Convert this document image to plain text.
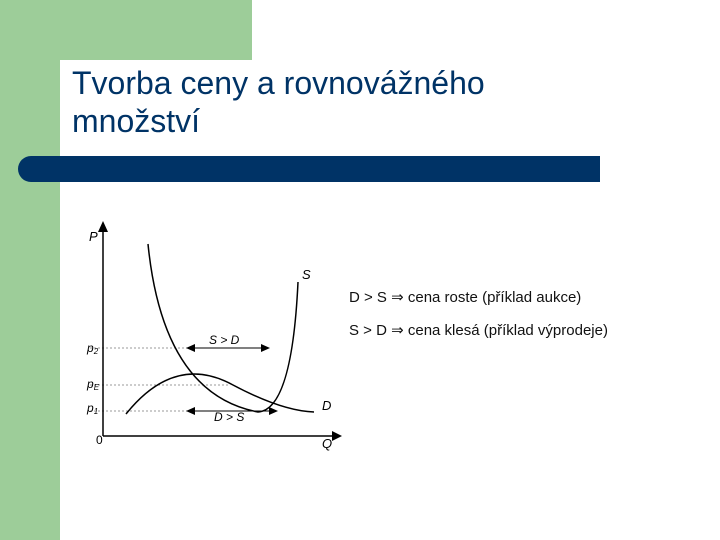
Tvorba ceny a rovnovážného
množství
P
Q
0
S
D
p2
pE
p1
S > D
D > S
D > S ⇒ cena roste (příklad aukce)
S > D ⇒ cena klesá (příklad výprodeje)
